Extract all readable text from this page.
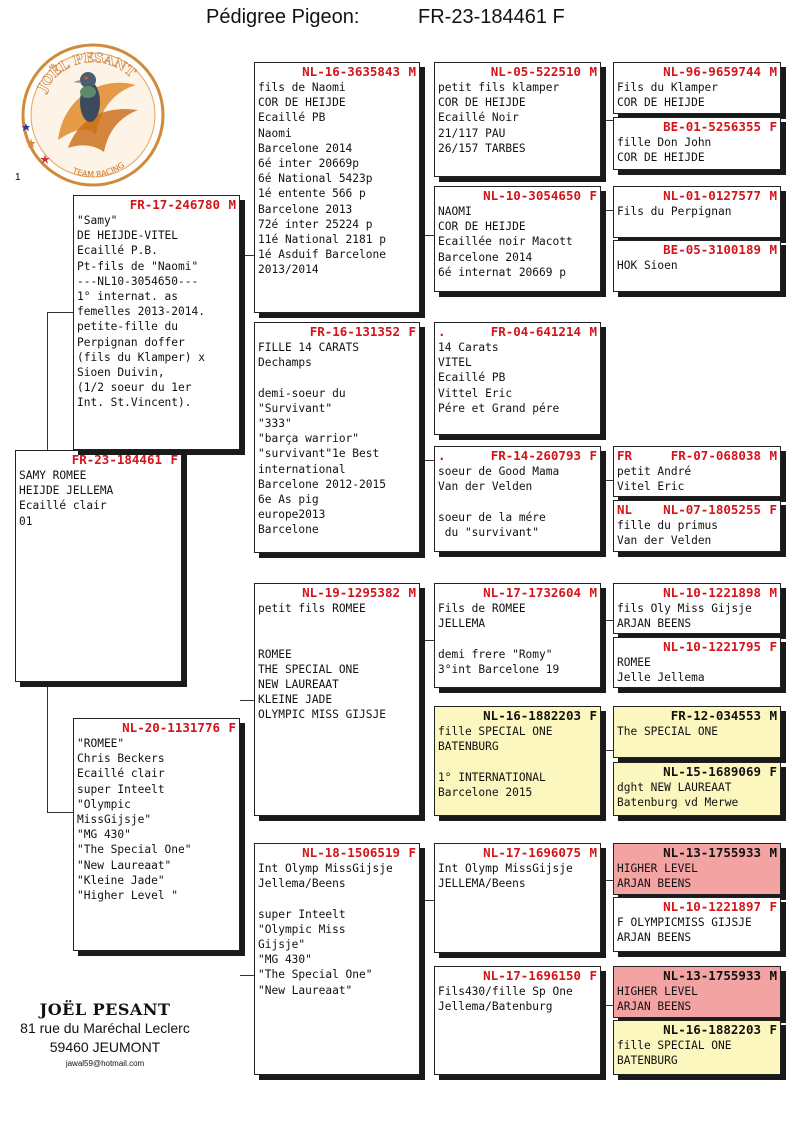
Pédigree Pigeon:	FR-23-184461 F
JOËL PESANT
TEAM RACING
1
FR-23-184461 F
SAMY ROMEE
HEIJDE JELLEMA
Ecaillé clair
01
FR-17-246780 M
"Samy"
DE HEIJDE-VITEL
Ecaillé P.B.
Pt-fils de "Naomi"
---NL10-3054650---
1° internat. as
femelles 2013-2014.
petite-fille du
Perpignan doffer
(fils du Klamper) x
Sioen Duivin,
(1/2 soeur du 1er
Int. St.Vincent).
NL-20-1131776 F
"ROMEE"
Chris Beckers
Ecaillé clair
super Inteelt
"Olympic
MissGijsje"
"MG 430"
"The Special One"
"New Laureaat"
"Kleine Jade"
"Higher Level "
NL-16-3635843 M
fils de Naomi
COR DE HEIJDE
Ecaillé PB
Naomi
Barcelone 2014
6é inter 20669p
6é National 5423p
1é entente 566 p
Barcelone 2013
72é inter 25224 p
11é National 2181 p
1é Asduif Barcelone
2013/2014
FR-16-131352 F
FILLE 14 CARATS
Dechamps

demi-soeur du
"Survivant"
"333"
"barça warrior"
"survivant"1e Best
international
Barcelone 2012-2015
6e As pig
europe2013
Barcelone
NL-19-1295382 M
petit fils ROMEE

ROMEE
THE SPECIAL ONE
NEW LAUREAAT
KLEINE JADE
OLYMPIC MISS GIJSJE
NL-18-1506519 F
Int Olymp MissGijsje
Jellema/Beens

super Inteelt
"Olympic Miss
Gijsje"
"MG 430"
"The Special One"
"New Laureaat"
NL-05-522510 M
petit fils klamper
COR DE HEIJDE
Ecaillé Noir
21/117 PAU
26/157 TARBES
NL-10-3054650 F
NAOMI
COR DE HEIJDE
Ecaillée noir Macott
Barcelone 2014
6é internat 20669 p
.	FR-04-641214 M
14 Carats
VITEL
Ecaillé PB
Vittel Eric
Pére et Grand pére
.	FR-14-260793 F
soeur de Good Mama
Van der Velden

soeur de la mére
du "survivant"
NL-17-1732604 M
Fils de ROMEE
JELLEMA

demi frere "Romy"
3°int Barcelone 19
NL-16-1882203 F
fille SPECIAL ONE
BATENBURG

1° INTERNATIONAL
Barcelone 2015
NL-17-1696075 M
Int Olymp MissGijsje
JELLEMA/Beens
NL-17-1696150 F
Fils430/fille Sp One
Jellema/Batenburg
NL-96-9659744 M
Fils du Klamper
COR DE HEIJDE
BE-01-5256355 F
fille Don John
COR DE HEIJDE
NL-01-0127577 M
Fils du Perpignan
BE-05-3100189 M
HOK Sioen
FR	FR-07-068038 M
petit André
Vitel Eric
NL	NL-07-1805255 F
fille du primus
Van der Velden
NL-10-1221898 M
fils Oly Miss Gijsje
ARJAN BEENS
NL-10-1221795 F
ROMEE
Jelle Jellema
FR-12-034553 M
The SPECIAL ONE
NL-15-1689069 F
dght NEW LAUREAAT
Batenburg vd Merwe
NL-13-1755933 M
HIGHER LEVEL
ARJAN BEENS
NL-10-1221897 F
F OLYMPICMISS GIJSJE
ARJAN BEENS
NL-13-1755933 M
HIGHER LEVEL
ARJAN BEENS
NL-16-1882203 F
fille SPECIAL ONE
BATENBURG
JOËL PESANT
81 rue du Maréchal Leclerc
59460 JEUMONT
jawal59@hotmail.com
